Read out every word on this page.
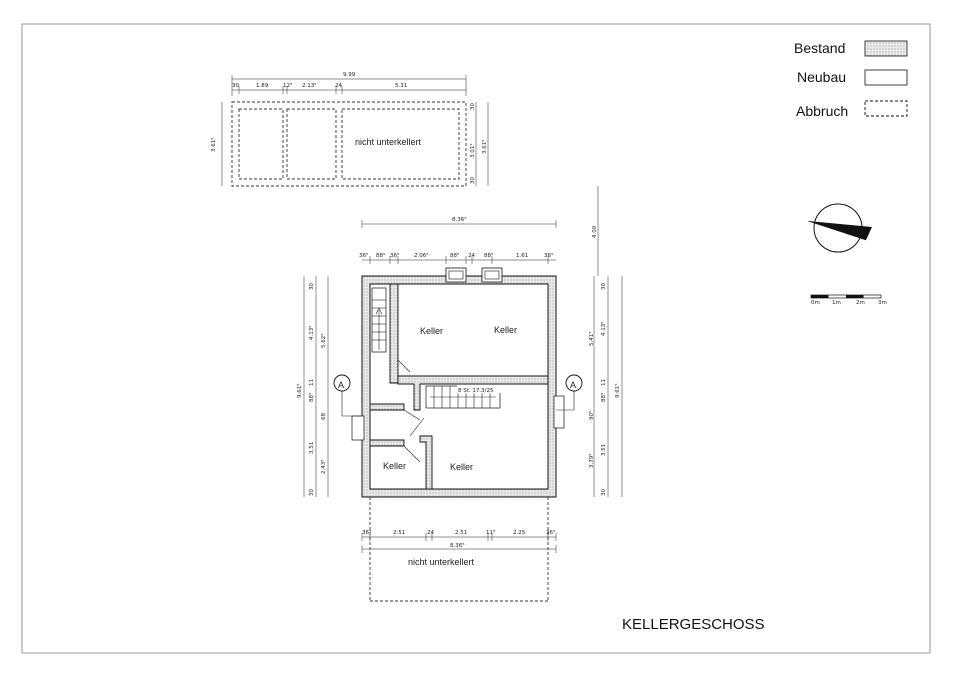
Bestand
Neubau
Abbruch
0m 1m	2m 3m
9.99
30	1.89	12⁵ 2.13⁵	24	5.31
nicht unterkellert
3.61⁵
30
3.01⁵
30
3.61⁵
8.36⁵
36⁵ 88⁵ 36⁵	2.06⁵	88⁵ 24 88⁵	1.61	36⁵
8 St. 17.3/25
Keller	Keller
Keller	Keller
A	A
4.00
30
4.13⁵
5.62⁵
9.61⁵
11
88⁵
68
3.51
2.43⁵
30
30
5.41⁵
4.13⁵
9.61⁵
11
88⁵
90⁵
3.79⁵
3.51
30
36⁵	2.51	24	2.51	11⁵	2.25	36⁵
8.36⁵
nicht unterkellert
KELLERGESCHOSS
